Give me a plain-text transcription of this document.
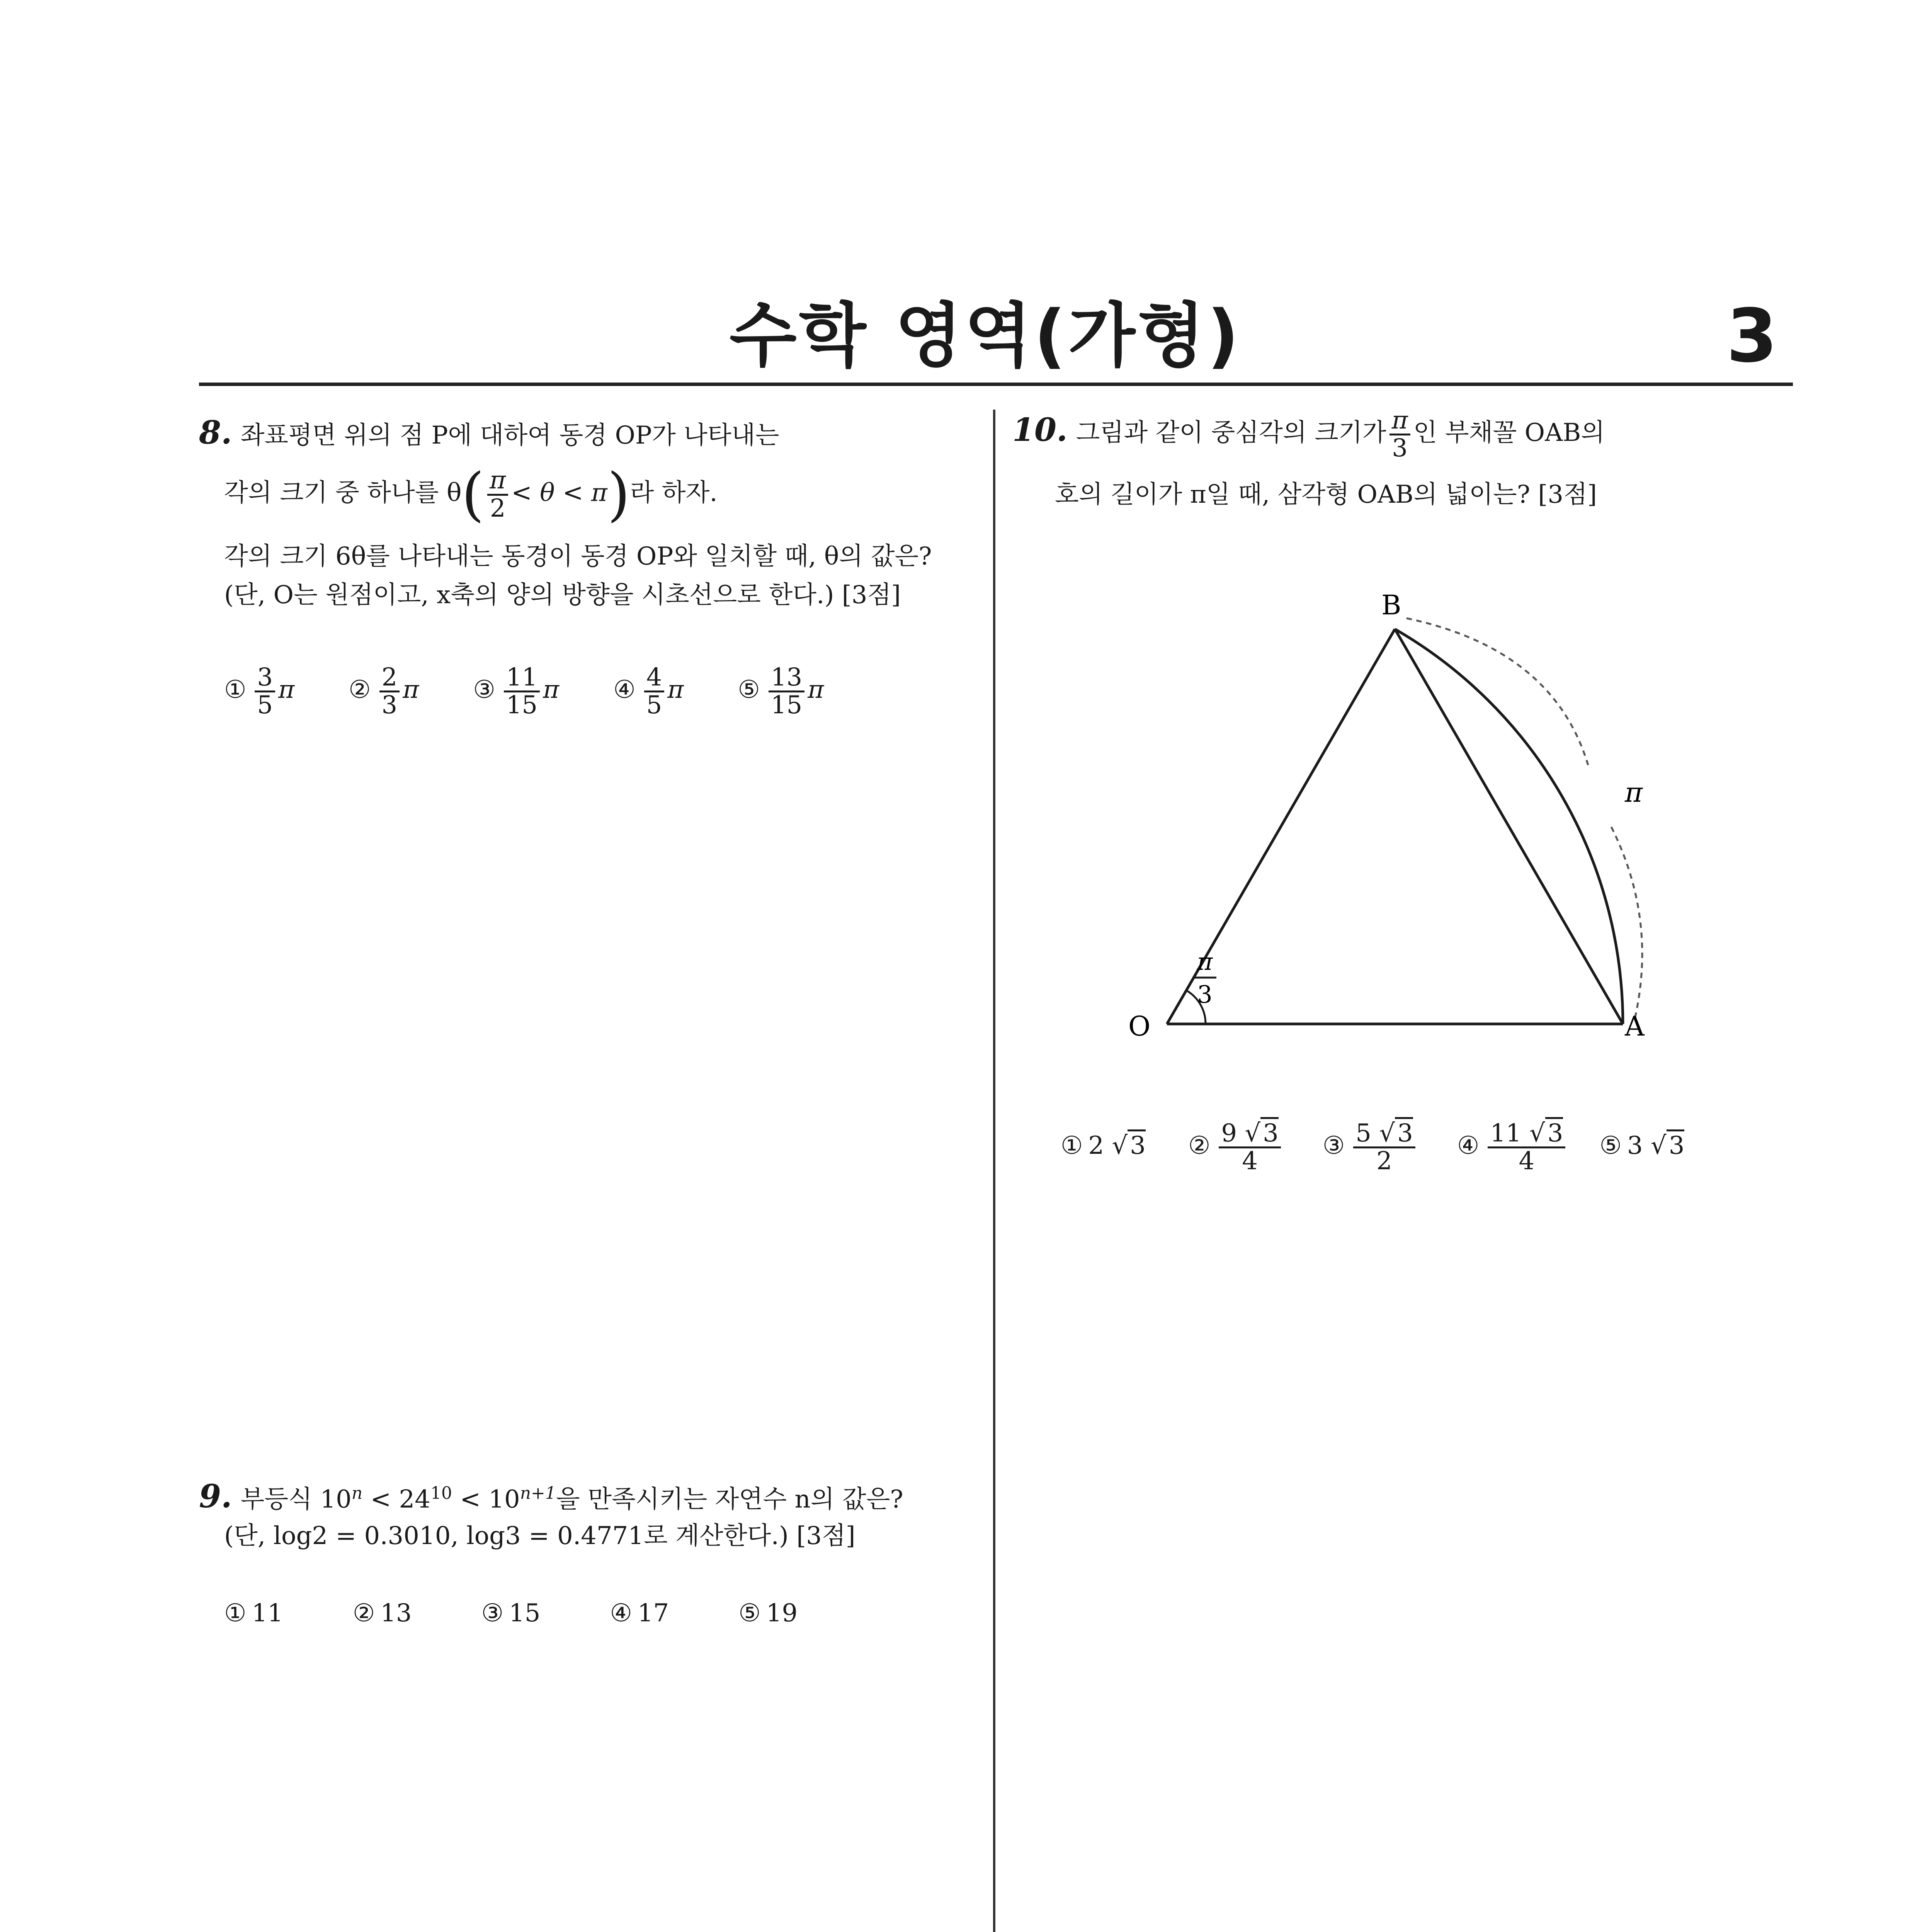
수학 영역(가형)	3
8. 좌표평면 위의 점 P에 대하여 동경 OP가 나타내는
각의 크기 중 하나를 $\theta( \frac{\pi}{2} < \theta < \pi)$라 하자.
각의 크기 6θ를 나타내는 동경이 동경 OP와 일치할 때, θ의 값은?
(단, O는 원점이고, x축의 양의 방향을 시초선으로 한다.) [3점]
① $\frac{3}{5}$ π ② $\frac{2}{3}$ π ③ $\frac{11}{15}$ π ④ $\frac{4}{5}$ π ⑤ $\frac{13}{15}$ π
9. 부등식 $10^n < 24^{10} < 10^{n+1}$을 만족시키는 자연수 n의 값은?
(단, log2 = 0.3010, log3 = 0.4771로 계산한다.) [3점]
① 11	② 13	③ 15	④ 17	⑤ 19
10. 그림과 같이 중심각의 크기가 $\frac{\pi}{3}$ 인 부채꼴 OAB의
호의 길이가 π일 때, 삼각형 OAB의 넓이는? [3점]
O	A
B
π
π
3
① 2 √3 ② $\frac{9 √3}{4}$ ③ $\frac{5 √3}{2}$ ④ $\frac{11 √3}{4}$ ⑤ 3 √3
